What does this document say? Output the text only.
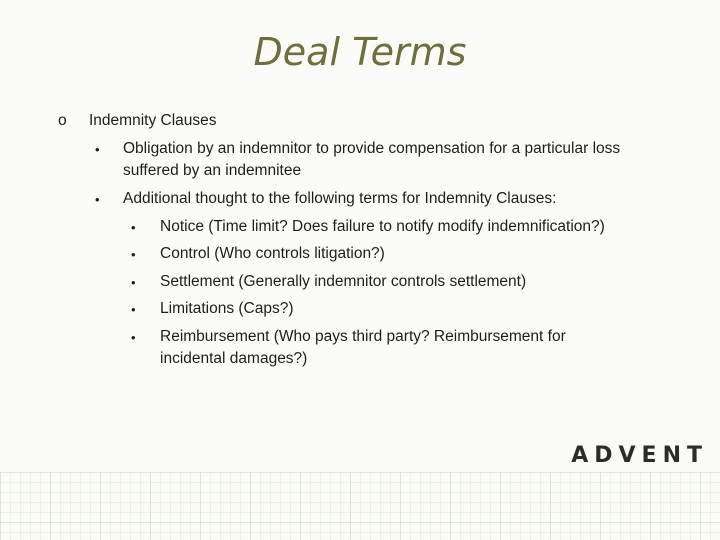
Deal Terms
o	Indemnity Clauses
• Obligation by an indemnitor to provide compensation for a particular loss suffered by an indemnitee
• Additional thought to the following terms for Indemnity Clauses:
• Notice (Time limit? Does failure to notify modify indemnification?)
• Control (Who controls litigation?)
• Settlement (Generally indemnitor controls settlement)
• Limitations (Caps?)
• Reimbursement (Who pays third party? Reimbursement for incidental damages?)
ADVENT
